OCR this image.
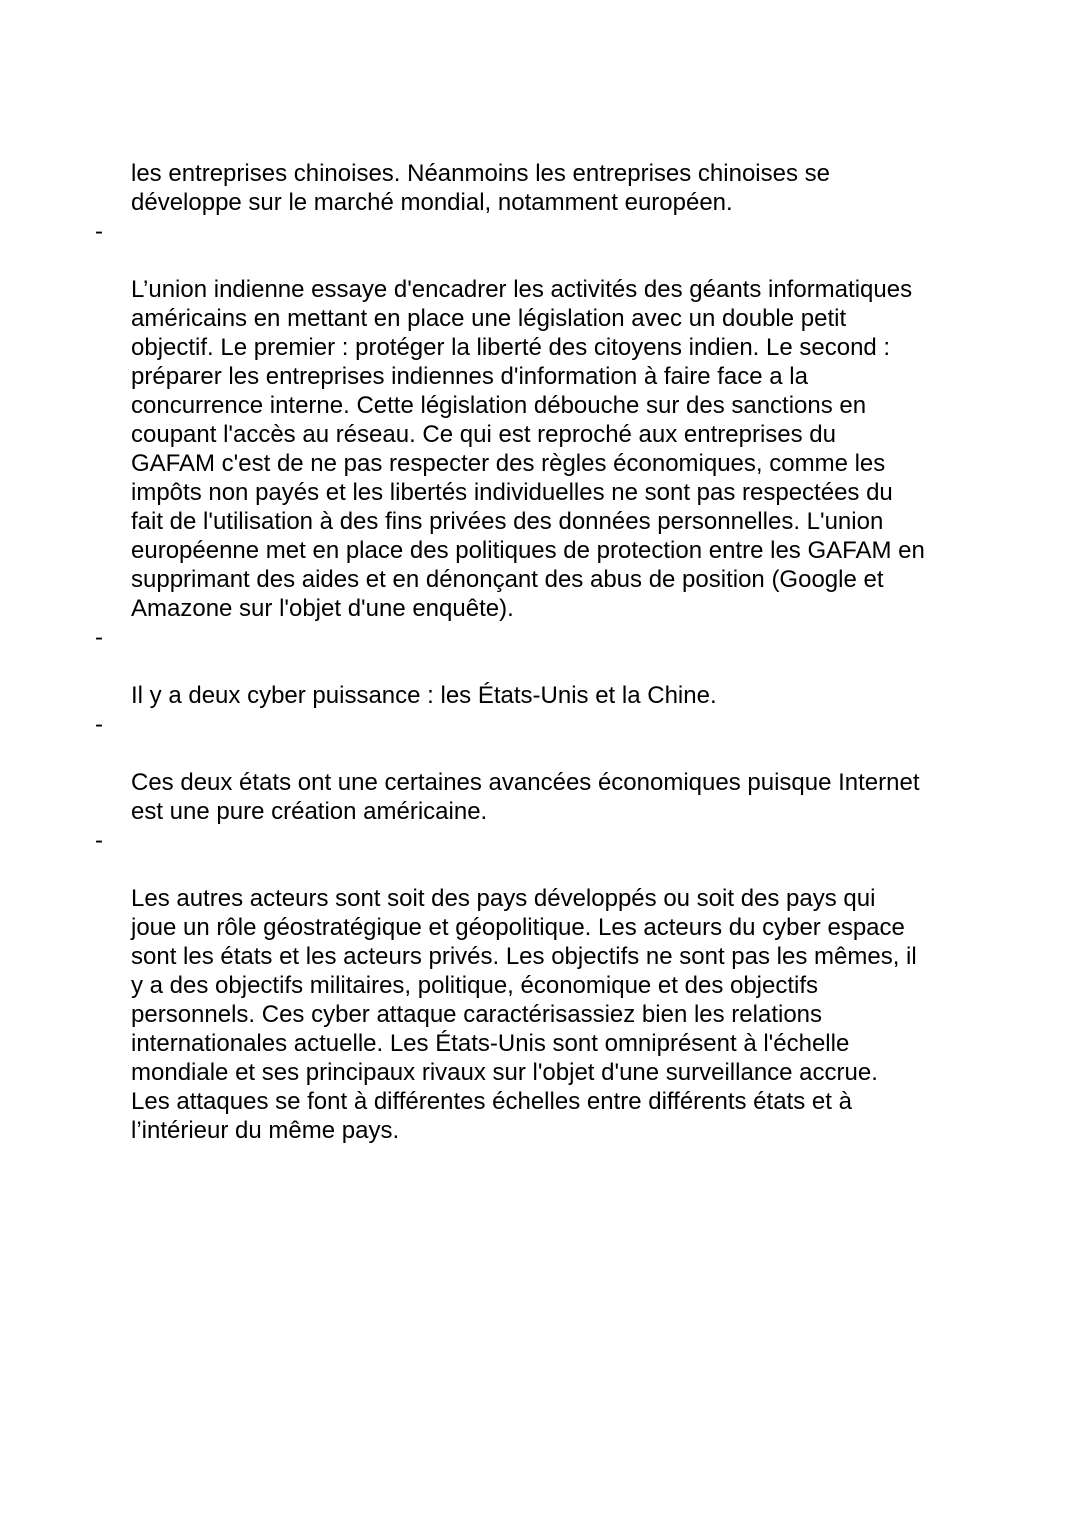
les entreprises chinoises. Néanmoins les entreprises chinoises se
développe sur le marché mondial, notamment européen.

-

L’union indienne essaye d'encadrer les activités des géants informatiques
américains en mettant en place une législation avec un double petit
objectif. Le premier : protéger la liberté des citoyens indien. Le second :
préparer les entreprises indiennes d'information à faire face a la
concurrence interne. Cette législation débouche sur des sanctions en
coupant l'accès au réseau. Ce qui est reproché aux entreprises du
GAFAM c'est de ne pas respecter des règles économiques, comme les
impôts non payés et les libertés individuelles ne sont pas respectées du
fait de l'utilisation à des fins privées des données personnelles. L'union
européenne met en place des politiques de protection entre les GAFAM en
supprimant des aides et en dénonçant des abus de position (Google et
Amazone sur l'objet d'une enquête).

-

Il y a deux cyber puissance : les États-Unis et la Chine.

-

Ces deux états ont une certaines avancées économiques puisque Internet
est une pure création américaine.

-

Les autres acteurs sont soit des pays développés ou soit des pays qui
joue un rôle géostratégique et géopolitique. Les acteurs du cyber espace
sont les états et les acteurs privés. Les objectifs ne sont pas les mêmes, il
y a des objectifs militaires, politique, économique et des objectifs
personnels. Ces cyber attaque caractérisassiez bien les relations
internationales actuelle. Les États-Unis sont omniprésent à l'échelle
mondiale et ses principaux rivaux sur l'objet d'une surveillance accrue.
Les attaques se font à différentes échelles entre différents états et à
l’intérieur du même pays.
